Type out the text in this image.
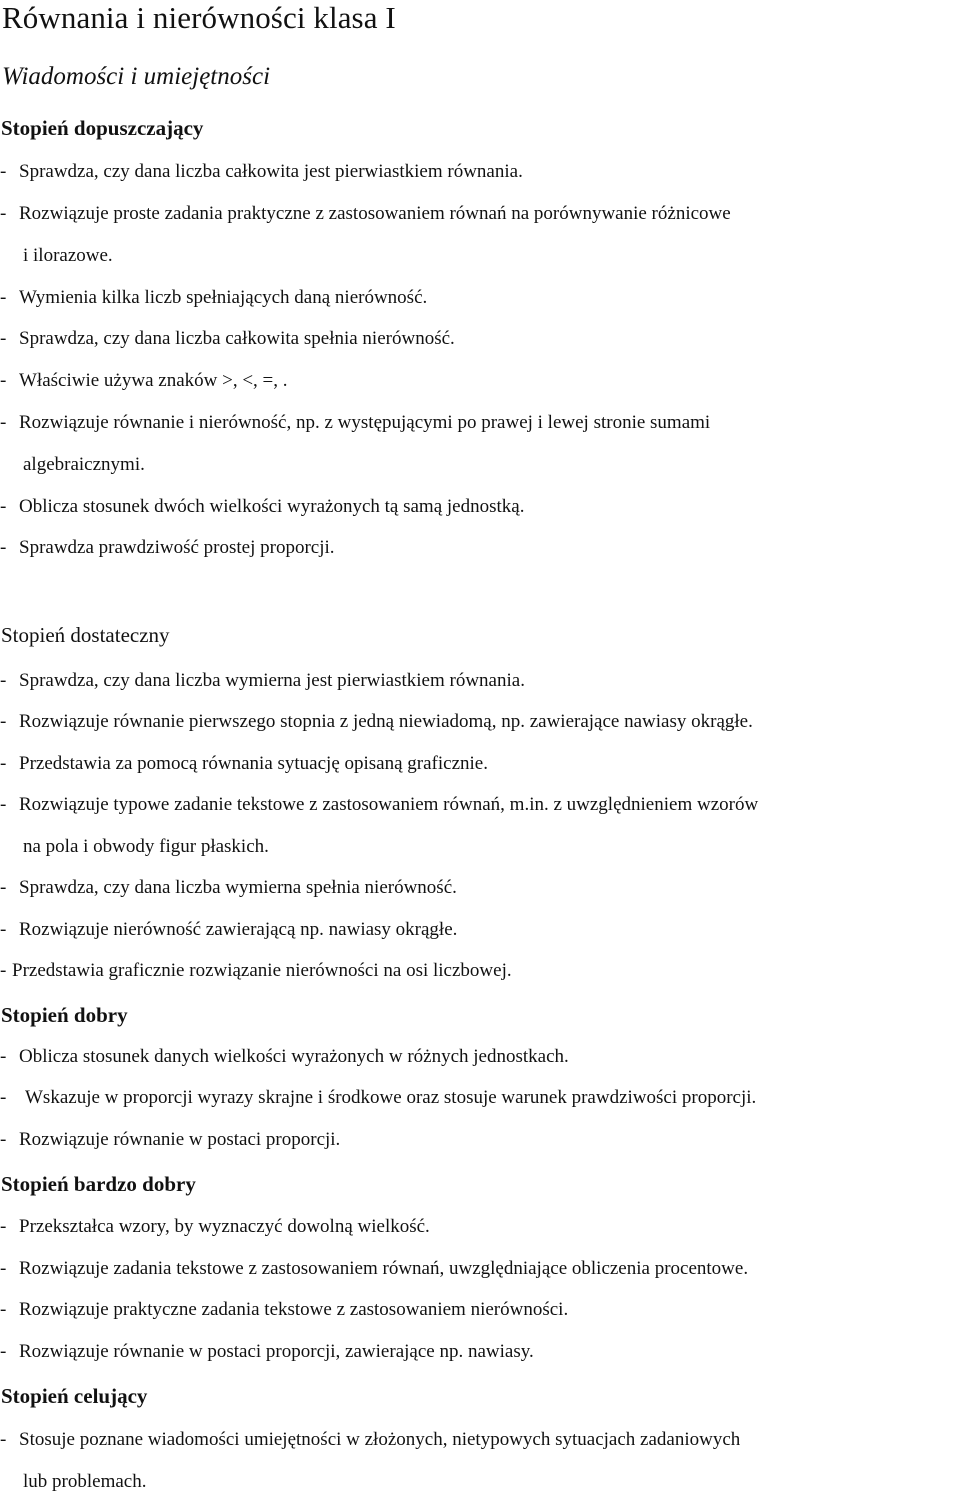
Równania i nierówności klasa I
Wiadomości i umiejętności
Stopień dopuszczający
- Sprawdza, czy dana liczba całkowita jest pierwiastkiem równania.
- Rozwiązuje proste zadania praktyczne z zastosowaniem równań na porównywanie różnicowe
i ilorazowe.
- Wymienia kilka liczb spełniających daną nierówność.
- Sprawdza, czy dana liczba całkowita spełnia nierówność.
- Właściwie używa znaków >, <, =, .
- Rozwiązuje równanie i nierówność, np. z występującymi po prawej i lewej stronie sumami
algebraicznymi.
- Oblicza stosunek dwóch wielkości wyrażonych tą samą jednostką.
- Sprawdza prawdziwość prostej proporcji.
Stopień dostateczny
- Sprawdza, czy dana liczba wymierna jest pierwiastkiem równania.
- Rozwiązuje równanie pierwszego stopnia z jedną niewiadomą, np. zawierające nawiasy okrągłe.
- Przedstawia za pomocą równania sytuację opisaną graficznie.
- Rozwiązuje typowe zadanie tekstowe z zastosowaniem równań, m.in. z uwzględnieniem wzorów
na pola i obwody figur płaskich.
- Sprawdza, czy dana liczba wymierna spełnia nierówność.
- Rozwiązuje nierówność zawierającą np. nawiasy okrągłe.
- Przedstawia graficznie rozwiązanie nierówności na osi liczbowej.
Stopień dobry
- Oblicza stosunek danych wielkości wyrażonych w różnych jednostkach.
- Wskazuje w proporcji wyrazy skrajne i środkowe oraz stosuje warunek prawdziwości proporcji.
- Rozwiązuje równanie w postaci proporcji.
Stopień bardzo dobry
- Przekształca wzory, by wyznaczyć dowolną wielkość.
- Rozwiązuje zadania tekstowe z zastosowaniem równań, uwzględniające obliczenia procentowe.
- Rozwiązuje praktyczne zadania tekstowe z zastosowaniem nierówności.
- Rozwiązuje równanie w postaci proporcji, zawierające np. nawiasy.
Stopień celujący
- Stosuje poznane wiadomości umiejętności w złożonych, nietypowych sytuacjach zadaniowych
lub problemach.
